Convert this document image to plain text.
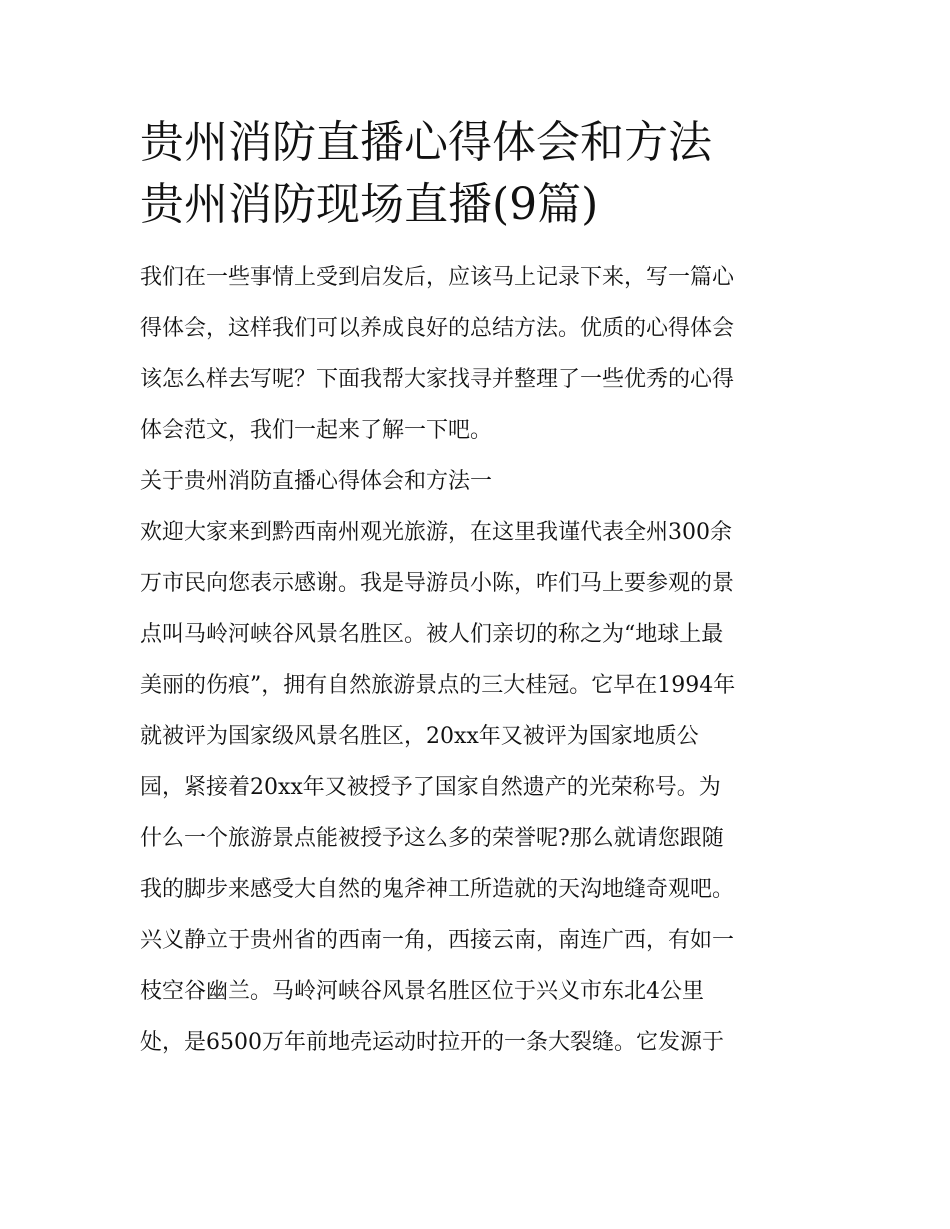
贵州消防直播心得体会和方法
贵州消防现场直播(9篇)

我们在一些事情上受到启发后，应该马上记录下来，写一篇心
得体会，这样我们可以养成良好的总结方法。优质的心得体会
该怎么样去写呢？下面我帮大家找寻并整理了一些优秀的心得
体会范文，我们一起来了解一下吧。

关于贵州消防直播心得体会和方法一

欢迎大家来到黔西南州观光旅游，在这里我谨代表全州300余
万市民向您表示感谢。我是导游员小陈，咋们马上要参观的景
点叫马岭河峡谷风景名胜区。被人们亲切的称之为“地球上最
美丽的伤痕”，拥有自然旅游景点的三大桂冠。它早在1994年
就被评为国家级风景名胜区，20xx年又被评为国家地质公
园，紧接着20xx年又被授予了国家自然遗产的光荣称号。为
什么一个旅游景点能被授予这么多的荣誉呢?那么就请您跟随
我的脚步来感受大自然的鬼斧神工所造就的天沟地缝奇观吧。
兴义静立于贵州省的西南一角，西接云南，南连广西，有如一
枝空谷幽兰。马岭河峡谷风景名胜区位于兴义市东北4公里
处，是6500万年前地壳运动时拉开的一条大裂缝。它发源于
